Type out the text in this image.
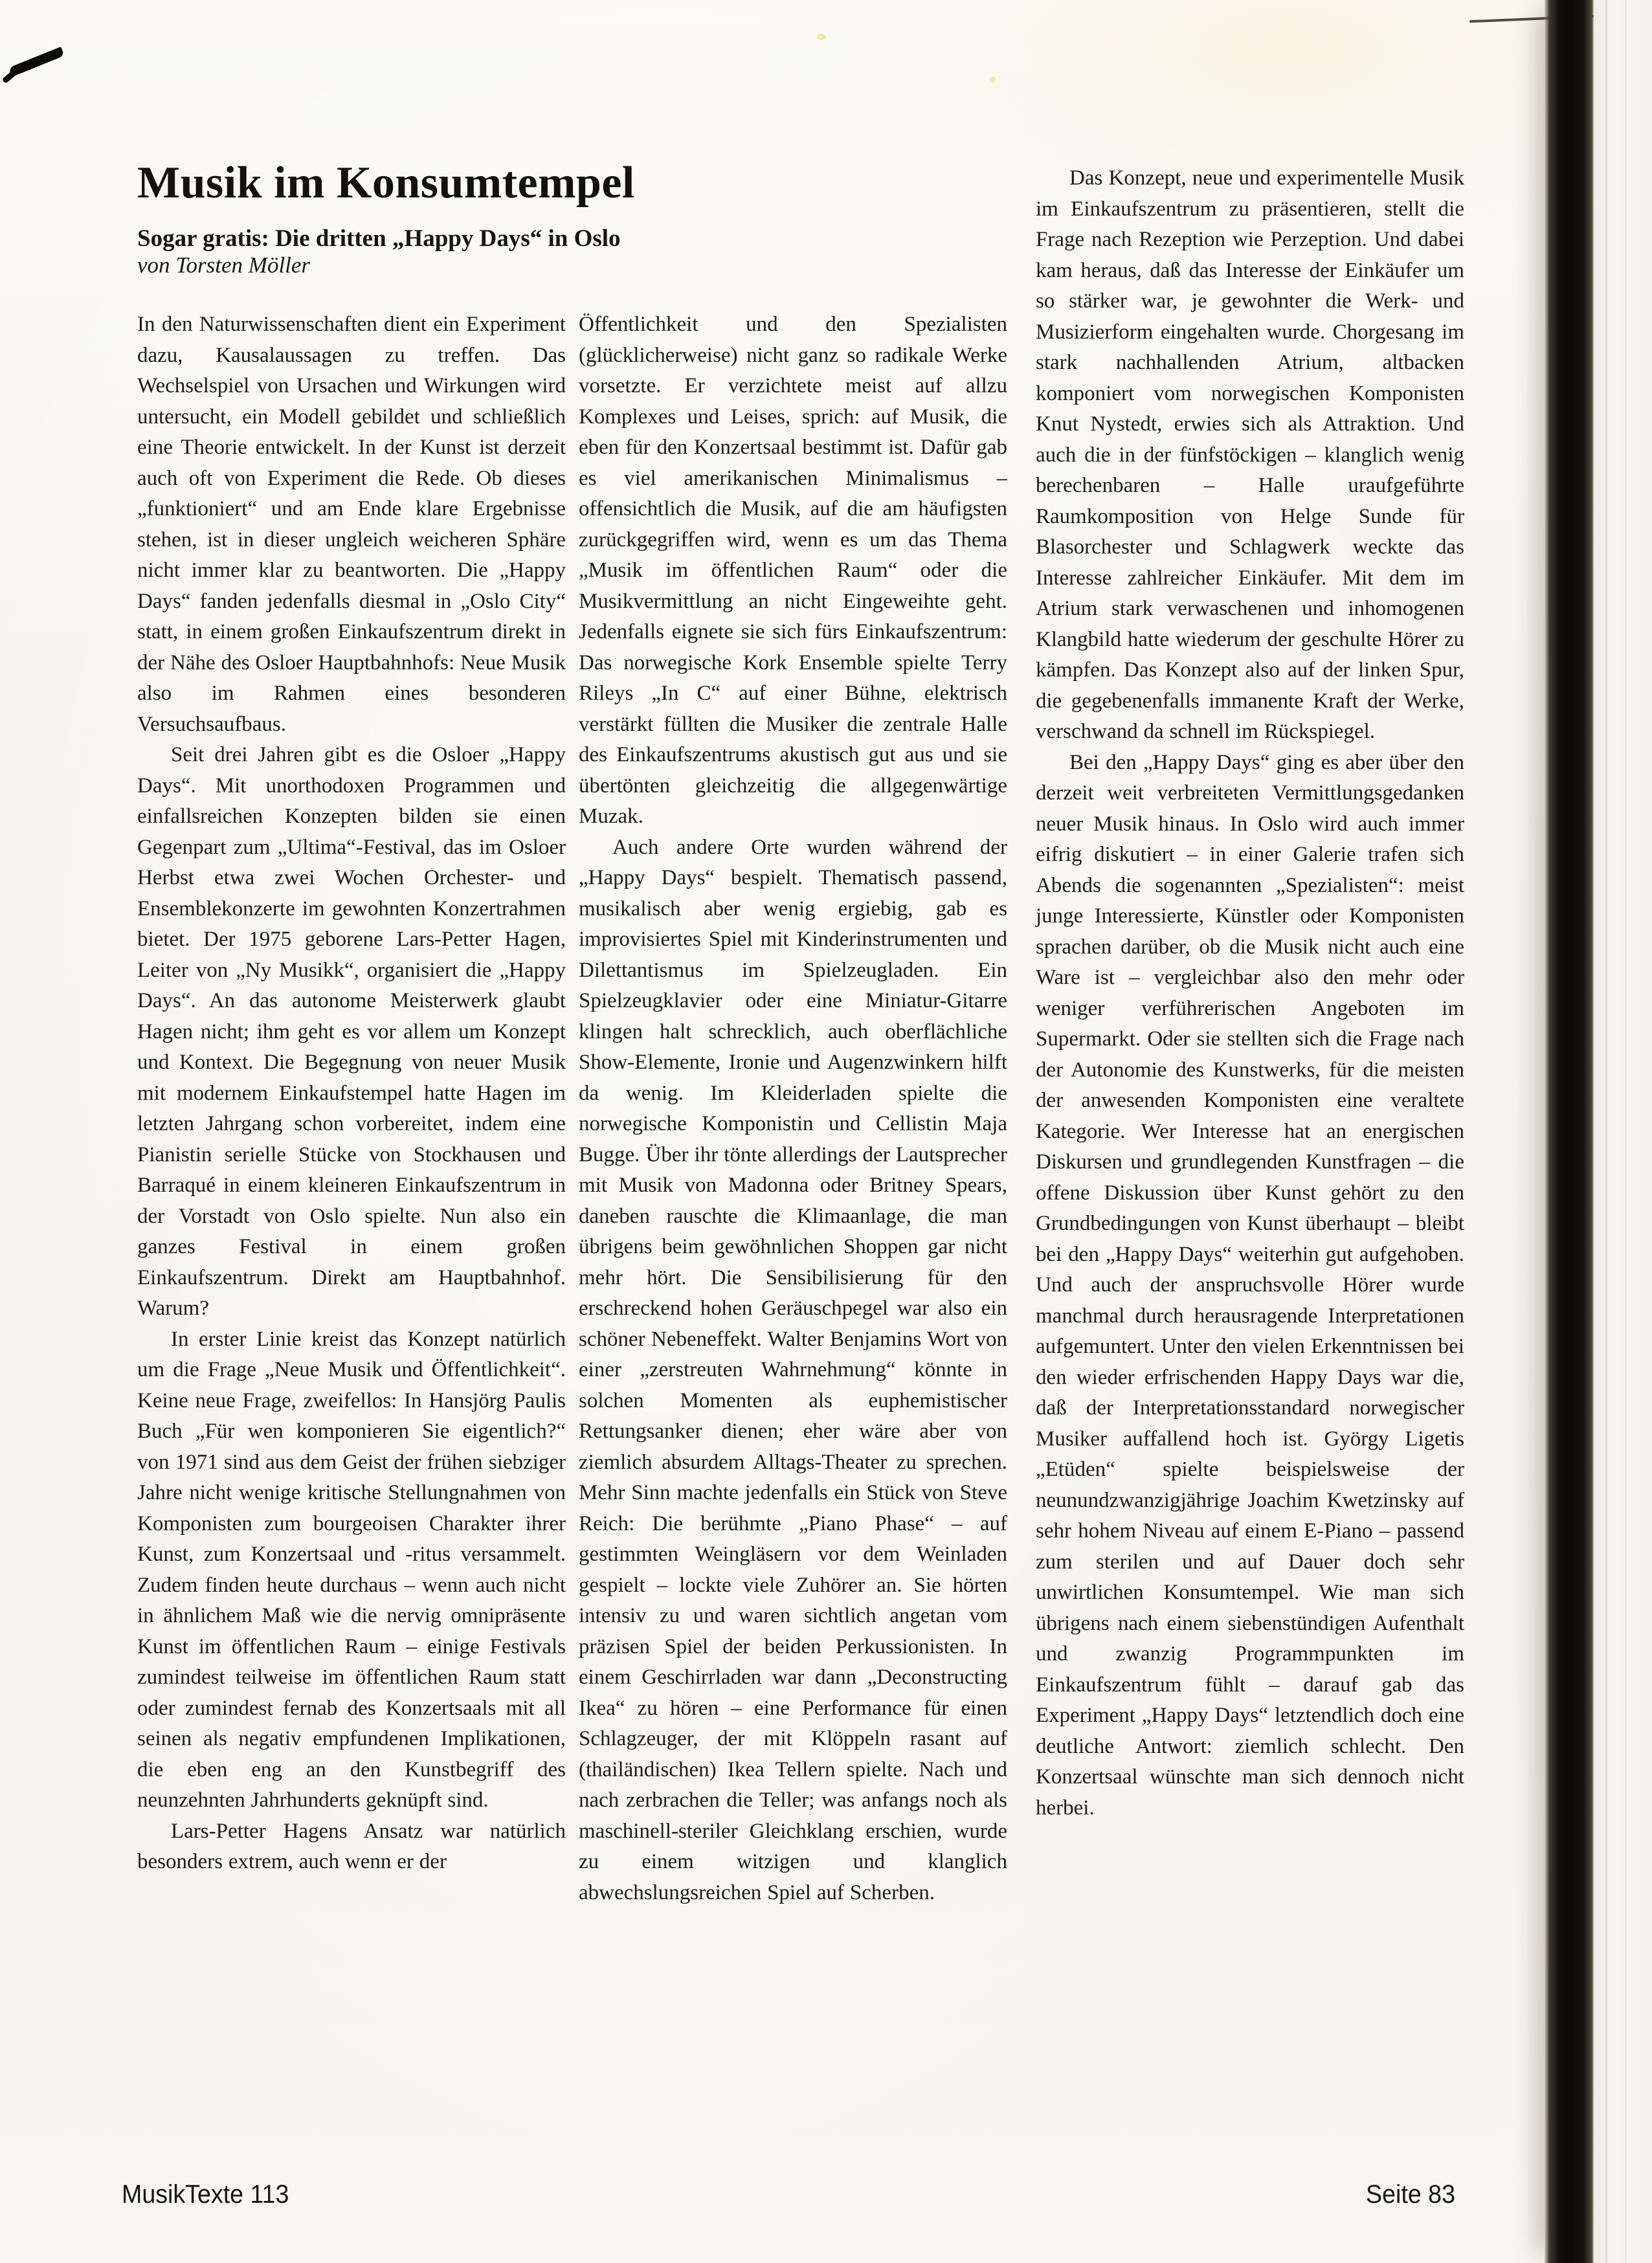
Musik im Konsumtempel
Sogar gratis: Die dritten „Happy Days“ in Oslo
von Torsten Möller

In den Naturwissenschaften dient ein Experiment dazu, Kausalaussagen zu treffen. Das Wechselspiel von Ursachen und Wirkungen wird untersucht, ein Modell gebildet und schließlich eine Theorie entwickelt. In der Kunst ist derzeit auch oft von Experiment die Rede. Ob dieses „funktioniert“ und am Ende klare Ergebnisse stehen, ist in dieser ungleich weicheren Sphäre nicht immer klar zu beantworten. Die „Happy Days“ fanden jedenfalls diesmal in „Oslo City“ statt, in einem großen Einkaufszentrum direkt in der Nähe des Osloer Hauptbahnhofs: Neue Musik also im Rahmen eines besonderen Versuchsaufbaus.

Seit drei Jahren gibt es die Osloer „Happy Days“. Mit unorthodoxen Programmen und einfallsreichen Konzepten bilden sie einen Gegenpart zum „Ultima“-Festival, das im Osloer Herbst etwa zwei Wochen Orchester- und Ensemblekonzerte im gewohnten Konzertrahmen bietet. Der 1975 geborene Lars-Petter Hagen, Leiter von „Ny Musikk“, organisiert die „Happy Days“. An das autonome Meisterwerk glaubt Hagen nicht; ihm geht es vor allem um Konzept und Kontext. Die Begegnung von neuer Musik mit modernem Einkaufstempel hatte Hagen im letzten Jahrgang schon vorbereitet, indem eine Pianistin serielle Stücke von Stockhausen und Barraqué in einem kleineren Einkaufszentrum in der Vorstadt von Oslo spielte. Nun also ein ganzes Festival in einem großen Einkaufszentrum. Direkt am Hauptbahnhof. Warum?

In erster Linie kreist das Konzept natürlich um die Frage „Neue Musik und Öffentlichkeit“. Keine neue Frage, zweifellos: In Hansjörg Paulis Buch „Für wen komponieren Sie eigentlich?“ von 1971 sind aus dem Geist der frühen siebziger Jahre nicht wenige kritische Stellungnahmen von Komponisten zum bourgeoisen Charakter ihrer Kunst, zum Konzertsaal und -ritus versammelt. Zudem finden heute durchaus – wenn auch nicht in ähnlichem Maß wie die nervig omnipräsente Kunst im öffentlichen Raum – einige Festivals zumindest teilweise im öffentlichen Raum statt oder zumindest fernab des Konzertsaals mit all seinen als negativ empfundenen Implikationen, die eben eng an den Kunstbegriff des neunzehnten Jahrhunderts geknüpft sind.

Lars-Petter Hagens Ansatz war natürlich besonders extrem, auch wenn er der

Öffentlichkeit und den Spezialisten (glücklicherweise) nicht ganz so radikale Werke vorsetzte. Er verzichtete meist auf allzu Komplexes und Leises, sprich: auf Musik, die eben für den Konzertsaal bestimmt ist. Dafür gab es viel amerikanischen Minimalismus – offensichtlich die Musik, auf die am häufigsten zurückgegriffen wird, wenn es um das Thema „Musik im öffentlichen Raum“ oder die Musikvermittlung an nicht Eingeweihte geht. Jedenfalls eignete sie sich fürs Einkaufszentrum: Das norwegische Kork Ensemble spielte Terry Rileys „In C“ auf einer Bühne, elektrisch verstärkt füllten die Musiker die zentrale Halle des Einkaufszentrums akustisch gut aus und sie übertönten gleichzeitig die allgegenwärtige Muzak.

Auch andere Orte wurden während der „Happy Days“ bespielt. Thematisch passend, musikalisch aber wenig ergiebig, gab es improvisiertes Spiel mit Kinderinstrumenten und Dilettantismus im Spielzeugladen. Ein Spielzeugklavier oder eine Miniatur-Gitarre klingen halt schrecklich, auch oberflächliche Show-Elemente, Ironie und Augenzwinkern hilft da wenig. Im Kleiderladen spielte die norwegische Komponistin und Cellistin Maja Bugge. Über ihr tönte allerdings der Lautsprecher mit Musik von Madonna oder Britney Spears, daneben rauschte die Klimaanlage, die man übrigens beim gewöhnlichen Shoppen gar nicht mehr hört. Die Sensibilisierung für den erschreckend hohen Geräuschpegel war also ein schöner Nebeneffekt. Walter Benjamins Wort von einer „zerstreuten Wahrnehmung“ könnte in solchen Momenten als euphemistischer Rettungsanker dienen; eher wäre aber von ziemlich absurdem Alltags-Theater zu sprechen. Mehr Sinn machte jedenfalls ein Stück von Steve Reich: Die berühmte „Piano Phase“ – auf gestimmten Weingläsern vor dem Weinladen gespielt – lockte viele Zuhörer an. Sie hörten intensiv zu und waren sichtlich angetan vom präzisen Spiel der beiden Perkussionisten. In einem Geschirrladen war dann „Deconstructing Ikea“ zu hören – eine Performance für einen Schlagzeuger, der mit Klöppeln rasant auf (thailändischen) Ikea Tellern spielte. Nach und nach zerbrachen die Teller; was anfangs noch als maschinell-steriler Gleichklang erschien, wurde zu einem witzigen und klanglich abwechslungsreichen Spiel auf Scherben.

Das Konzept, neue und experimentelle Musik im Einkaufszentrum zu präsentieren, stellt die Frage nach Rezeption wie Perzeption. Und dabei kam heraus, daß das Interesse der Einkäufer um so stärker war, je gewohnter die Werk- und Musizierform eingehalten wurde. Chorgesang im stark nachhallenden Atrium, altbacken komponiert vom norwegischen Komponisten Knut Nystedt, erwies sich als Attraktion. Und auch die in der fünfstöckigen – klanglich wenig berechenbaren – Halle uraufgeführte Raumkomposition von Helge Sunde für Blasorchester und Schlagwerk weckte das Interesse zahlreicher Einkäufer. Mit dem im Atrium stark verwaschenen und inhomogenen Klangbild hatte wiederum der geschulte Hörer zu kämpfen. Das Konzept also auf der linken Spur, die gegebenenfalls immanente Kraft der Werke, verschwand da schnell im Rückspiegel.

Bei den „Happy Days“ ging es aber über den derzeit weit verbreiteten Vermittlungsgedanken neuer Musik hinaus. In Oslo wird auch immer eifrig diskutiert – in einer Galerie trafen sich Abends die sogenannten „Spezialisten“: meist junge Interessierte, Künstler oder Komponisten sprachen darüber, ob die Musik nicht auch eine Ware ist – vergleichbar also den mehr oder weniger verführerischen Angeboten im Supermarkt. Oder sie stellten sich die Frage nach der Autonomie des Kunstwerks, für die meisten der anwesenden Komponisten eine veraltete Kategorie. Wer Interesse hat an energischen Diskursen und grundlegenden Kunstfragen – die offene Diskussion über Kunst gehört zu den Grundbedingungen von Kunst überhaupt – bleibt bei den „Happy Days“ weiterhin gut aufgehoben. Und auch der anspruchsvolle Hörer wurde manchmal durch herausragende Interpretationen aufgemuntert. Unter den vielen Erkenntnissen bei den wieder erfrischenden Happy Days war die, daß der Interpretationsstandard norwegischer Musiker auffallend hoch ist. György Ligetis „Etüden“ spielte beispielsweise der neunundzwanzigjährige Joachim Kwetzinsky auf sehr hohem Niveau auf einem E-Piano – passend zum sterilen und auf Dauer doch sehr unwirtlichen Konsumtempel. Wie man sich übrigens nach einem siebenstündigen Aufenthalt und zwanzig Programmpunkten im Einkaufszentrum fühlt – darauf gab das Experiment „Happy Days“ letztendlich doch eine deutliche Antwort: ziemlich schlecht. Den Konzertsaal wünschte man sich dennoch nicht herbei.

MusikTexte 113	Seite 83
